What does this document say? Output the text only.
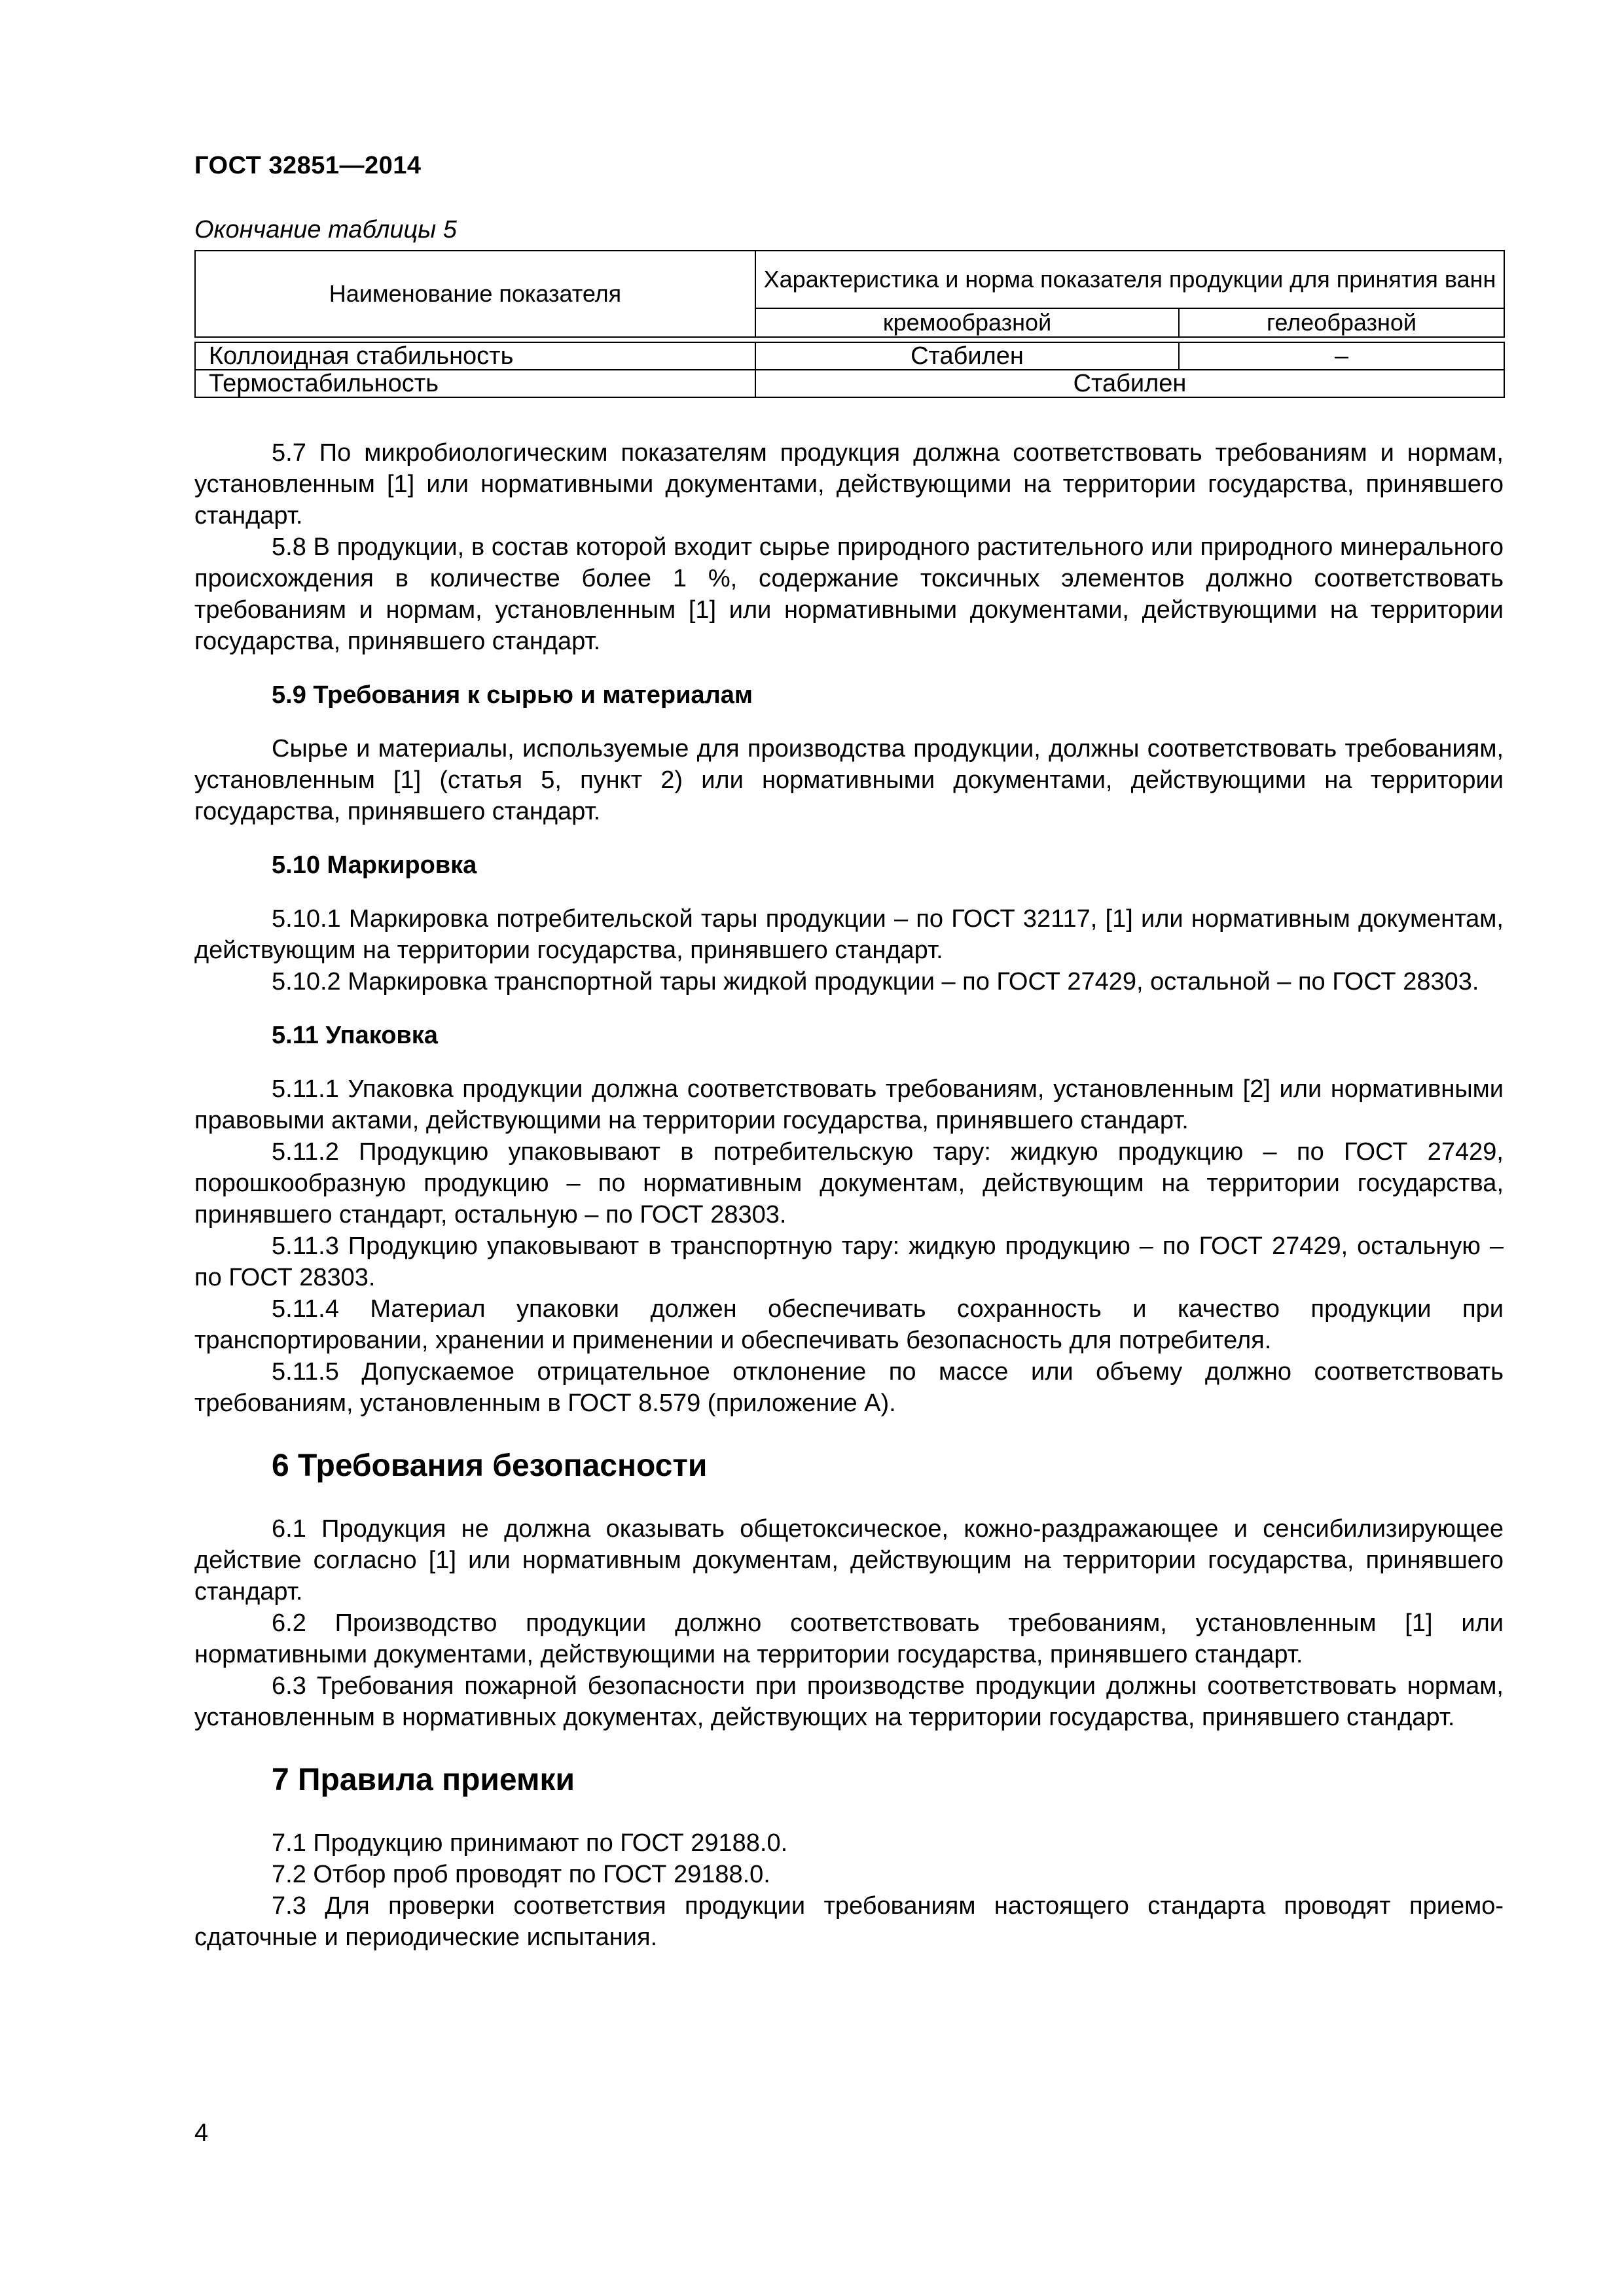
ГОСТ 32851—2014
Окончание таблицы 5
Наименование показателя	Характеристика и норма показателя продукции для принятия ванн	
	кремообразной	гелеобразной

Коллоидная стабильность	Стабилен	–
Термостабильность	Стабилен	

5.7 По микробиологическим показателям продукция должна соответствовать требованиям и нормам, установленным [1] или нормативными документами, действующими на территории государства, принявшего стандарт.

5.8 В продукции, в состав которой входит сырье природного растительного или природного минерального происхождения в количестве более 1 %, содержание токсичных элементов должно соответствовать требованиям и нормам, установленным [1] или нормативными документами, действующими на территории государства, принявшего стандарт.

5.9 Требования к сырью и материалам

Сырье и материалы, используемые для производства продукции, должны соответствовать требованиям, установленным [1] (статья 5, пункт 2) или нормативными документами, действующими на территории государства, принявшего стандарт.

5.10 Маркировка

5.10.1 Маркировка потребительской тары продукции – по ГОСТ 32117, [1] или нормативным документам, действующим на территории государства, принявшего стандарт.

5.10.2 Маркировка транспортной тары жидкой продукции – по ГОСТ 27429, остальной – по ГОСТ 28303.

5.11 Упаковка

5.11.1 Упаковка продукции должна соответствовать требованиям, установленным [2] или нормативными правовыми актами, действующими на территории государства, принявшего стандарт.

5.11.2 Продукцию упаковывают в потребительскую тару: жидкую продукцию – по ГОСТ 27429, порошкообразную продукцию – по нормативным документам, действующим на территории государства, принявшего стандарт, остальную – по ГОСТ 28303.

5.11.3 Продукцию упаковывают в транспортную тару: жидкую продукцию – по ГОСТ 27429, остальную – по ГОСТ 28303.

5.11.4 Материал упаковки должен обеспечивать сохранность и качество продукции при транспортировании, хранении и применении и обеспечивать безопасность для потребителя.

5.11.5 Допускаемое отрицательное отклонение по массе или объему должно соответствовать требованиям, установленным в ГОСТ 8.579 (приложение А).

6 Требования безопасности

6.1 Продукция не должна оказывать общетоксическое, кожно-раздражающее и сенсибилизирующее действие согласно [1] или нормативным документам, действующим на территории государства, принявшего стандарт.

6.2 Производство продукции должно соответствовать требованиям, установленным [1] или нормативными документами, действующими на территории государства, принявшего стандарт.

6.3 Требования пожарной безопасности при производстве продукции должны соответствовать нормам, установленным в нормативных документах, действующих на территории государства, принявшего стандарт.

7 Правила приемки

7.1 Продукцию принимают по ГОСТ 29188.0.

7.2 Отбор проб проводят по ГОСТ 29188.0.

7.3 Для проверки соответствия продукции требованиям настоящего стандарта проводят приемо-сдаточные и периодические испытания.

4
